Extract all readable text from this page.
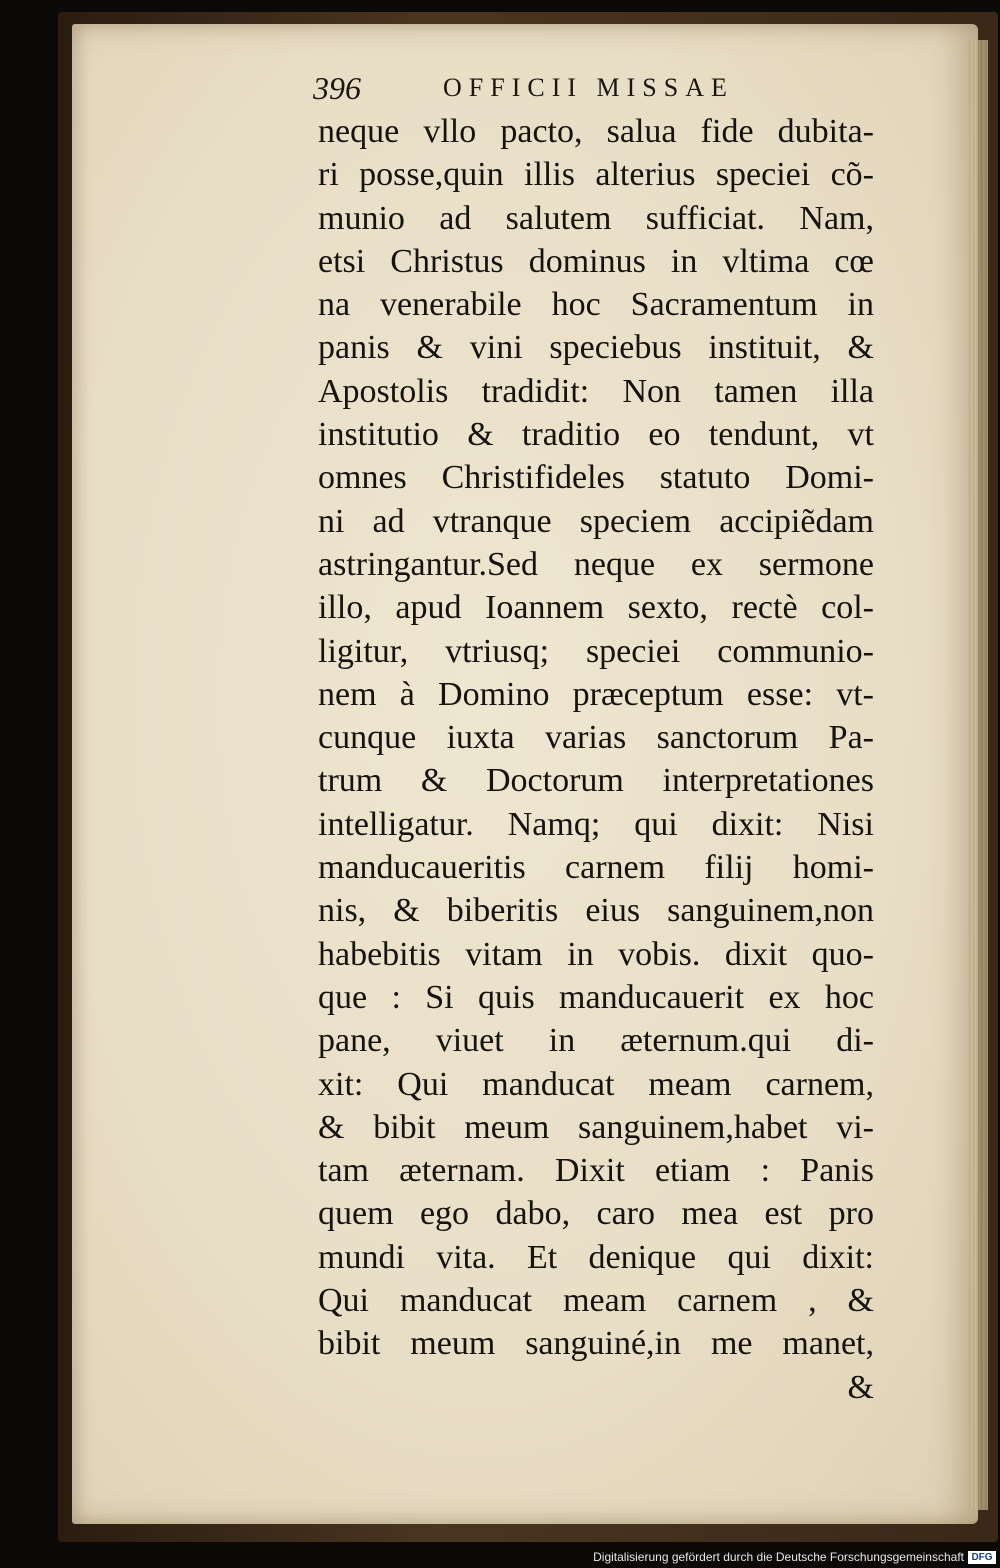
396	OFFICII MISSAE
neque vllo pacto, salua fide dubita-
ri posse,quin illis alterius speciei cõ-
munio ad salutem sufficiat. Nam,
etsi Christus dominus in vltima cœ
na venerabile hoc Sacramentum in
panis & vini speciebus instituit, &
Apostolis tradidit: Non tamen illa
institutio & traditio eo tendunt, vt
omnes Christifideles statuto Domi-
ni ad vtranque speciem accipiẽdam
astringantur.Sed neque ex sermone
illo, apud Ioannem sexto, rectè col-
ligitur, vtriusq; speciei communio-
nem à Domino præceptum esse: vt-
cunque iuxta varias sanctorum Pa-
trum & Doctorum interpretationes
intelligatur. Namq; qui dixit: Nisi
manducaueritis carnem filij homi-
nis, & biberitis eius sanguinem,non
habebitis vitam in vobis. dixit quo-
que : Si quis manducauerit ex hoc
pane, viuet in æternum.qui di-
xit: Qui manducat meam carnem,
& bibit meum sanguinem,habet vi-
tam æternam. Dixit etiam : Panis
quem ego dabo, caro mea est pro
mundi vita. Et denique qui dixit:
Qui manducat meam carnem , &
bibit meum sanguiné,in me manet,
&
Digitalisierung gefördert durch die Deutsche Forschungsgemeinschaft DFG
